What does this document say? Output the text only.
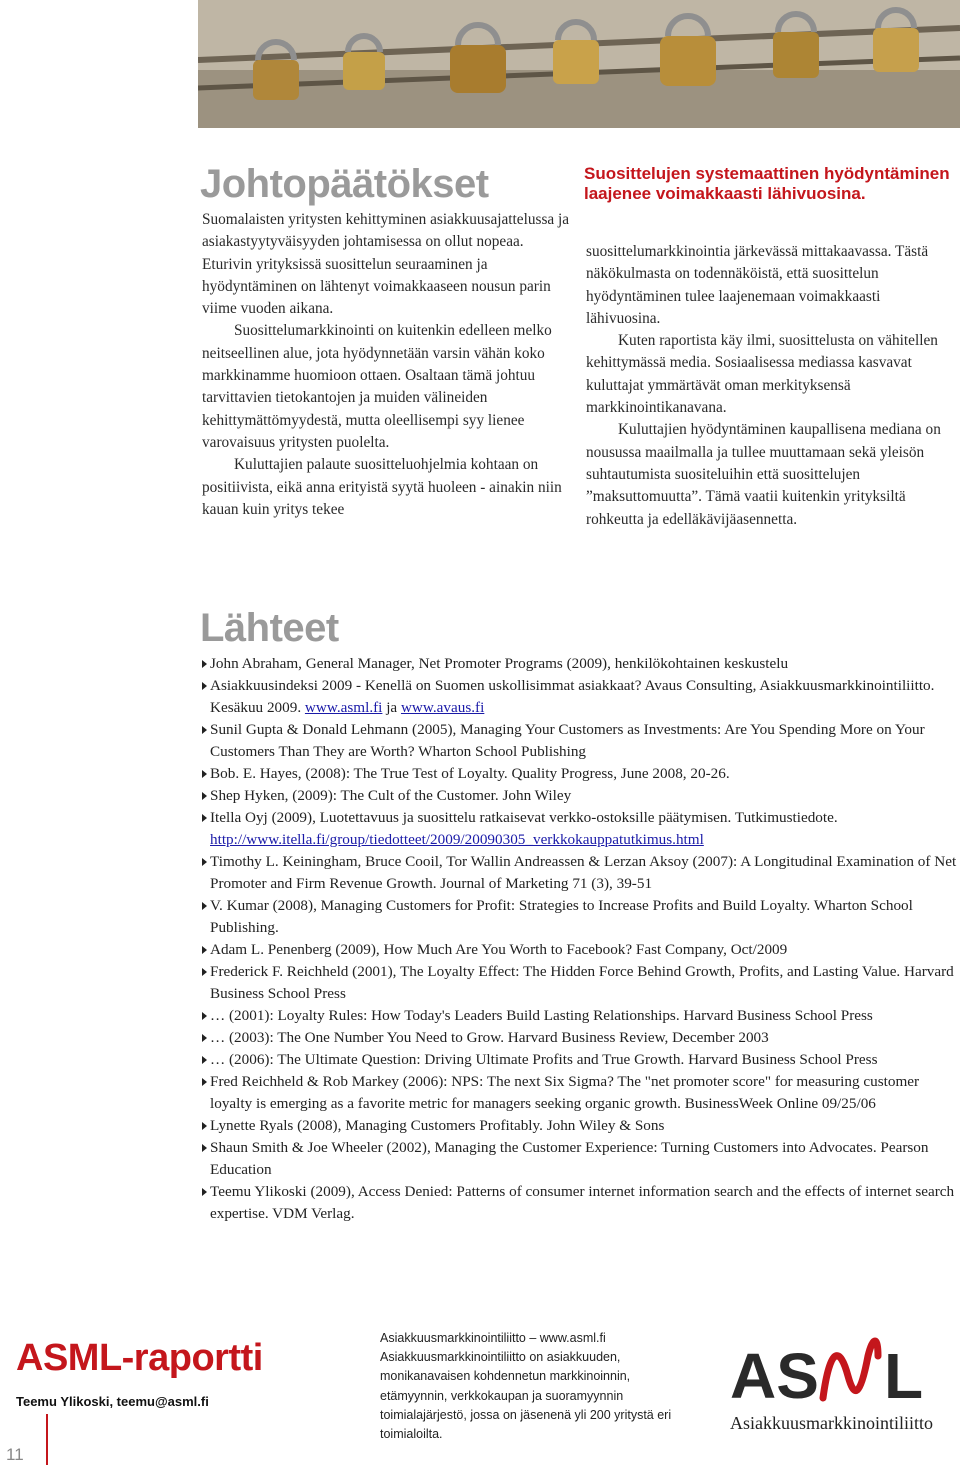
Johtopäätökset

Suomalaisten yritysten kehittyminen asiakkuusajattelussa ja asiakastyytyväisyyden johtamisessa on ollut nopeaa. Eturivin yrityksissä suosittelun seuraaminen ja hyödyntäminen on lähtenyt voimakkaaseen nousun parin viime vuoden aikana.

Suosittelumarkkinointi on kuitenkin edelleen melko neitseellinen alue, jota hyödynnetään varsin vähän koko markkinamme huomioon ottaen. Osaltaan tämä johtuu tarvittavien tietokantojen ja muiden välineiden kehittymättömyydestä, mutta oleellisempi syy lienee varovaisuus yritysten puolelta.

Kuluttajien palaute suositteluohjelmia kohtaan on positiivista, eikä anna erityistä syytä huoleen - ainakin niin kauan kuin yritys tekee

Suosittelujen systemaattinen hyödyntäminen laajenee voimakkaasti lähivuosina.

suosittelumarkkinointia järkevässä mittakaavassa. Tästä näkökulmasta on todennäköistä, että suosittelun hyödyntäminen tulee laajenemaan voimakkaasti lähivuosina.

Kuten raportista käy ilmi, suosittelusta on vähitellen kehittymässä media. Sosiaalisessa mediassa kasvavat kuluttajat ymmärtävät oman merkityksensä markkinointikanavana.

Kuluttajien hyödyntäminen kaupallisena mediana on nousussa maailmalla ja tullee muuttamaan sekä yleisön suhtautumista suositeluihin että suosittelujen ”maksuttomuutta”. Tämä vaatii kuitenkin yrityksiltä rohkeutta ja edelläkävijäasennetta.

Lähteet
John Abraham, General Manager, Net Promoter Programs (2009), henkilökohtainen keskustelu
Asiakkuusindeksi 2009 - Kenellä on Suomen uskollisimmat asiakkaat? Avaus Consulting, Asiakkuusmarkkinointiliitto. Kesäkuu 2009. www.asml.fi ja www.avaus.fi
Sunil Gupta & Donald Lehmann (2005), Managing Your Customers as Investments: Are You Spending More on Your Customers Than They are Worth? Wharton School Publishing
Bob. E. Hayes, (2008): The True Test of Loyalty. Quality Progress, June 2008, 20-26.
Shep Hyken, (2009): The Cult of the Customer. John Wiley
Itella Oyj (2009), Luotettavuus ja suosittelu ratkaisevat verkko-ostoksille päätymisen. Tutkimustiedote. http://www.itella.fi/group/tiedotteet/2009/20090305_verkkokauppatutkimus.html
Timothy L. Keiningham, Bruce Cooil, Tor Wallin Andreassen & Lerzan Aksoy (2007): A Longitudinal Examination of Net Promoter and Firm Revenue Growth. Journal of Marketing 71 (3), 39-51
V. Kumar (2008), Managing Customers for Profit: Strategies to Increase Profits and Build Loyalty. Wharton School Publishing.
Adam L. Penenberg (2009), How Much Are You Worth to Facebook? Fast Company, Oct/2009
Frederick F. Reichheld (2001), The Loyalty Effect: The Hidden Force Behind Growth, Profits, and Lasting Value. Harvard Business School Press
… (2001): Loyalty Rules: How Today's Leaders Build Lasting Relationships. Harvard Business School Press
… (2003): The One Number You Need to Grow. Harvard Business Review, December 2003
… (2006): The Ultimate Question: Driving Ultimate Profits and True Growth. Harvard Business School Press
Fred Reichheld & Rob Markey (2006): NPS: The next Six Sigma? The "net promoter score" for measuring customer loyalty is emerging as a favorite metric for managers seeking organic growth. BusinessWeek Online 09/25/06
Lynette Ryals (2008), Managing Customers Profitably. John Wiley & Sons
Shaun Smith & Joe Wheeler (2002), Managing the Customer Experience: Turning Customers into Advocates. Pearson Education
Teemu Ylikoski (2009), Access Denied: Patterns of consumer internet information search and the effects of internet search expertise. VDM Verlag.
ASML-raportti
Teemu Ylikoski, teemu@asml.fi
11

Asiakkuusmarkkinointiliitto – www.asml.fi

Asiakkuusmarkkinointiliitto on asiakkuuden, monikanavaisen kohdennetun markkinoinnin, etämyynnin, verkkokaupan ja suoramyynnin toimialajärjestö, jossa on jäsenenä yli 200 yritystä eri toimialoilta.

AS L
Asiakkuusmarkkinointiliitto
